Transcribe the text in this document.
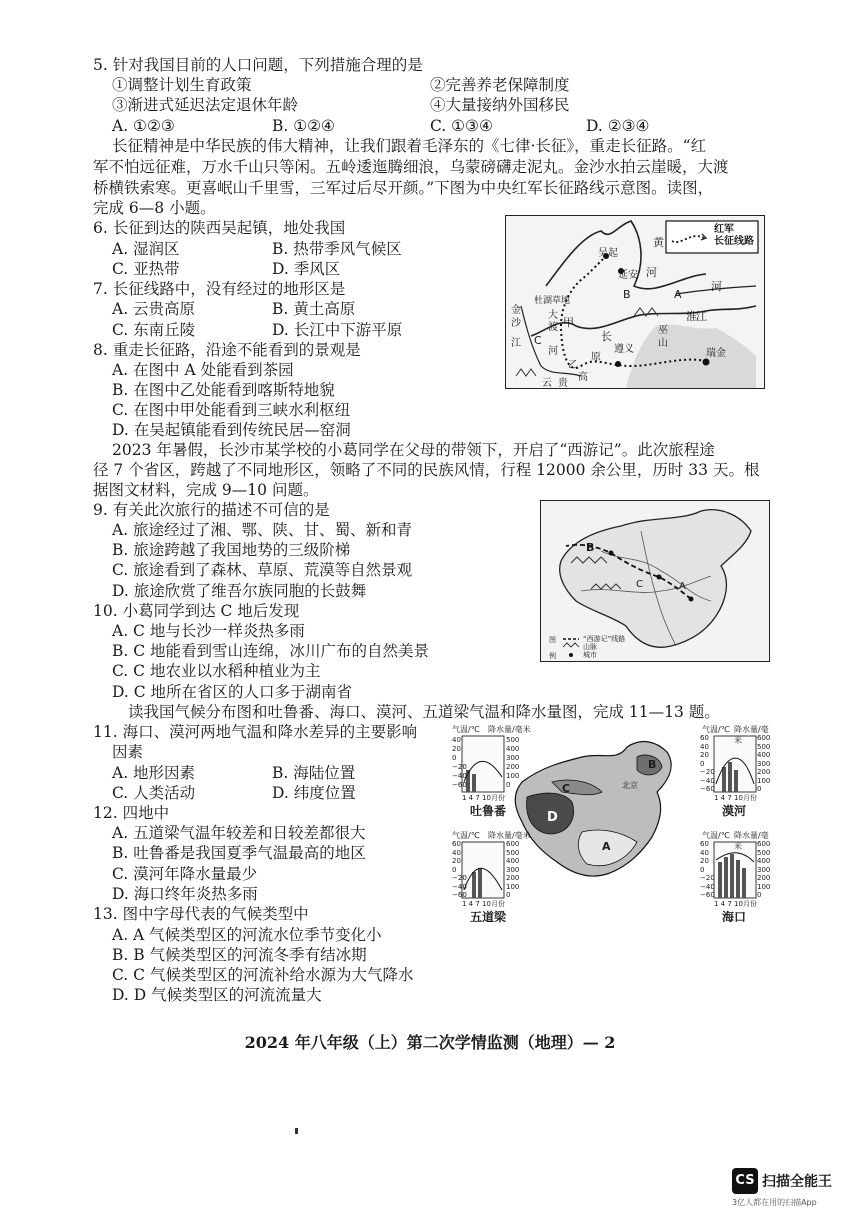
5. 针对我国目前的人口问题，下列措施合理的是
①调整计划生育政策	②完善养老保障制度
③渐进式延迟法定退休年龄	④大量接纳外国移民
A. ①②③	B. ①②④	C. ①③④	D. ②③④
长征精神是中华民族的伟大精神，让我们跟着毛泽东的《七律·长征》，重走长征路。“红
军不怕远征难，万水千山只等闲。五岭逶迤腾细浪，乌蒙磅礴走泥丸。金沙水拍云崖暖，大渡
桥横铁索寒。更喜岷山千里雪，三军过后尽开颜。”下图为中央红军长征路线示意图。读图，
完成 6—8 小题。
6. 长征到达的陕西吴起镇，地处我国
A. 湿润区	B. 热带季风气候区
C. 亚热带	D. 季风区
7. 长征线路中，没有经过的地形区是
A. 云贵高原	B. 黄土高原
C. 东南丘陵	D. 长江中下游平原
8. 重走长征路，沿途不能看到的景观是
A. 在图中 A 处能看到茶园
B. 在图中乙处能看到喀斯特地貌
C. 在图中甲处能看到三峡水利枢纽
D. 在吴起镇能看到传统民居—窑洞
红军
长征线路
吴起
延安
黄
河
淮
河
江
B	A
巫
山
杜湖草地
大
渡
河
甲
金
沙
江
长
C
原
乙
高
贵
云
遵义	瑞金
2023 年暑假，长沙市某学校的小葛同学在父母的带领下，开启了“西游记”。此次旅程途
径 7 个省区，跨越了不同地形区，领略了不同的民族风情，行程 12000 余公里，历时 33 天。根
据图文材料，完成 9—10 问题。
9. 有关此次旅行的描述不可信的是
A. 旅途经过了湘、鄂、陕、甘、蜀、新和青
B. 旅途跨越了我国地势的三级阶梯
C. 旅途看到了森林、草原、荒漠等自然景观
D. 旅途欣赏了维吾尔族同胞的长鼓舞
B
C	A
图
例
“西游记”线路
山脉
城市
10. 小葛同学到达 C 地后发现
A. C 地与长沙一样炎热多雨
B. C 地能看到雪山连绵，冰川广布的自然美景
C. C 地农业以水稻种植业为主
D. C 地所在省区的人口多于湖南省
读我国气候分布图和吐鲁番、海口、漠河、五道梁气温和降水量图，完成 11—13 题。
11. 海口、漠河两地气温和降水差异的主要影响
因素
A. 地形因素	B. 海陆位置
C. 人类活动	D. 纬度位置
12. 四地中
A. 五道梁气温年较差和日较差都很大
B. 吐鲁番是我国夏季气温最高的地区
C. 漠河年降水量最少
D. 海口终年炎热多雨
13. 图中字母代表的气候类型中
A. A 气候类型区的河流水位季节变化小
B. B 气候类型区的河流冬季有结冰期
C. C 气候类型区的河流补给水源为大气降水
D. D 气候类型区的河流流量大
气温/℃ 降水量/毫米	气温/℃ 降水量/毫米
气温/℃ 降水量/毫米	气温/℃ 降水量/毫米
40
20
0
−20
−40
−60
500
400
300
200
100
0
60
40
20
0
−20
−40
−60
600
500
400
300
200
100
0
60
40
20
0
−20
−40
−60
600
500
400
300
200
100
0
60
40
20
0
−20
−40
−60
600
500
400
300
200
100
0
1 4 7 10月份	1 4 7 10月份
1 4 7 10月份	1 4 7 10月份
吐鲁番	漠河
五道梁	海口
C
D
B
A
北京
2024 年八年级（上）第二次学情监测（地理）— 2
CS 扫描全能王
3亿人都在用的扫描App
